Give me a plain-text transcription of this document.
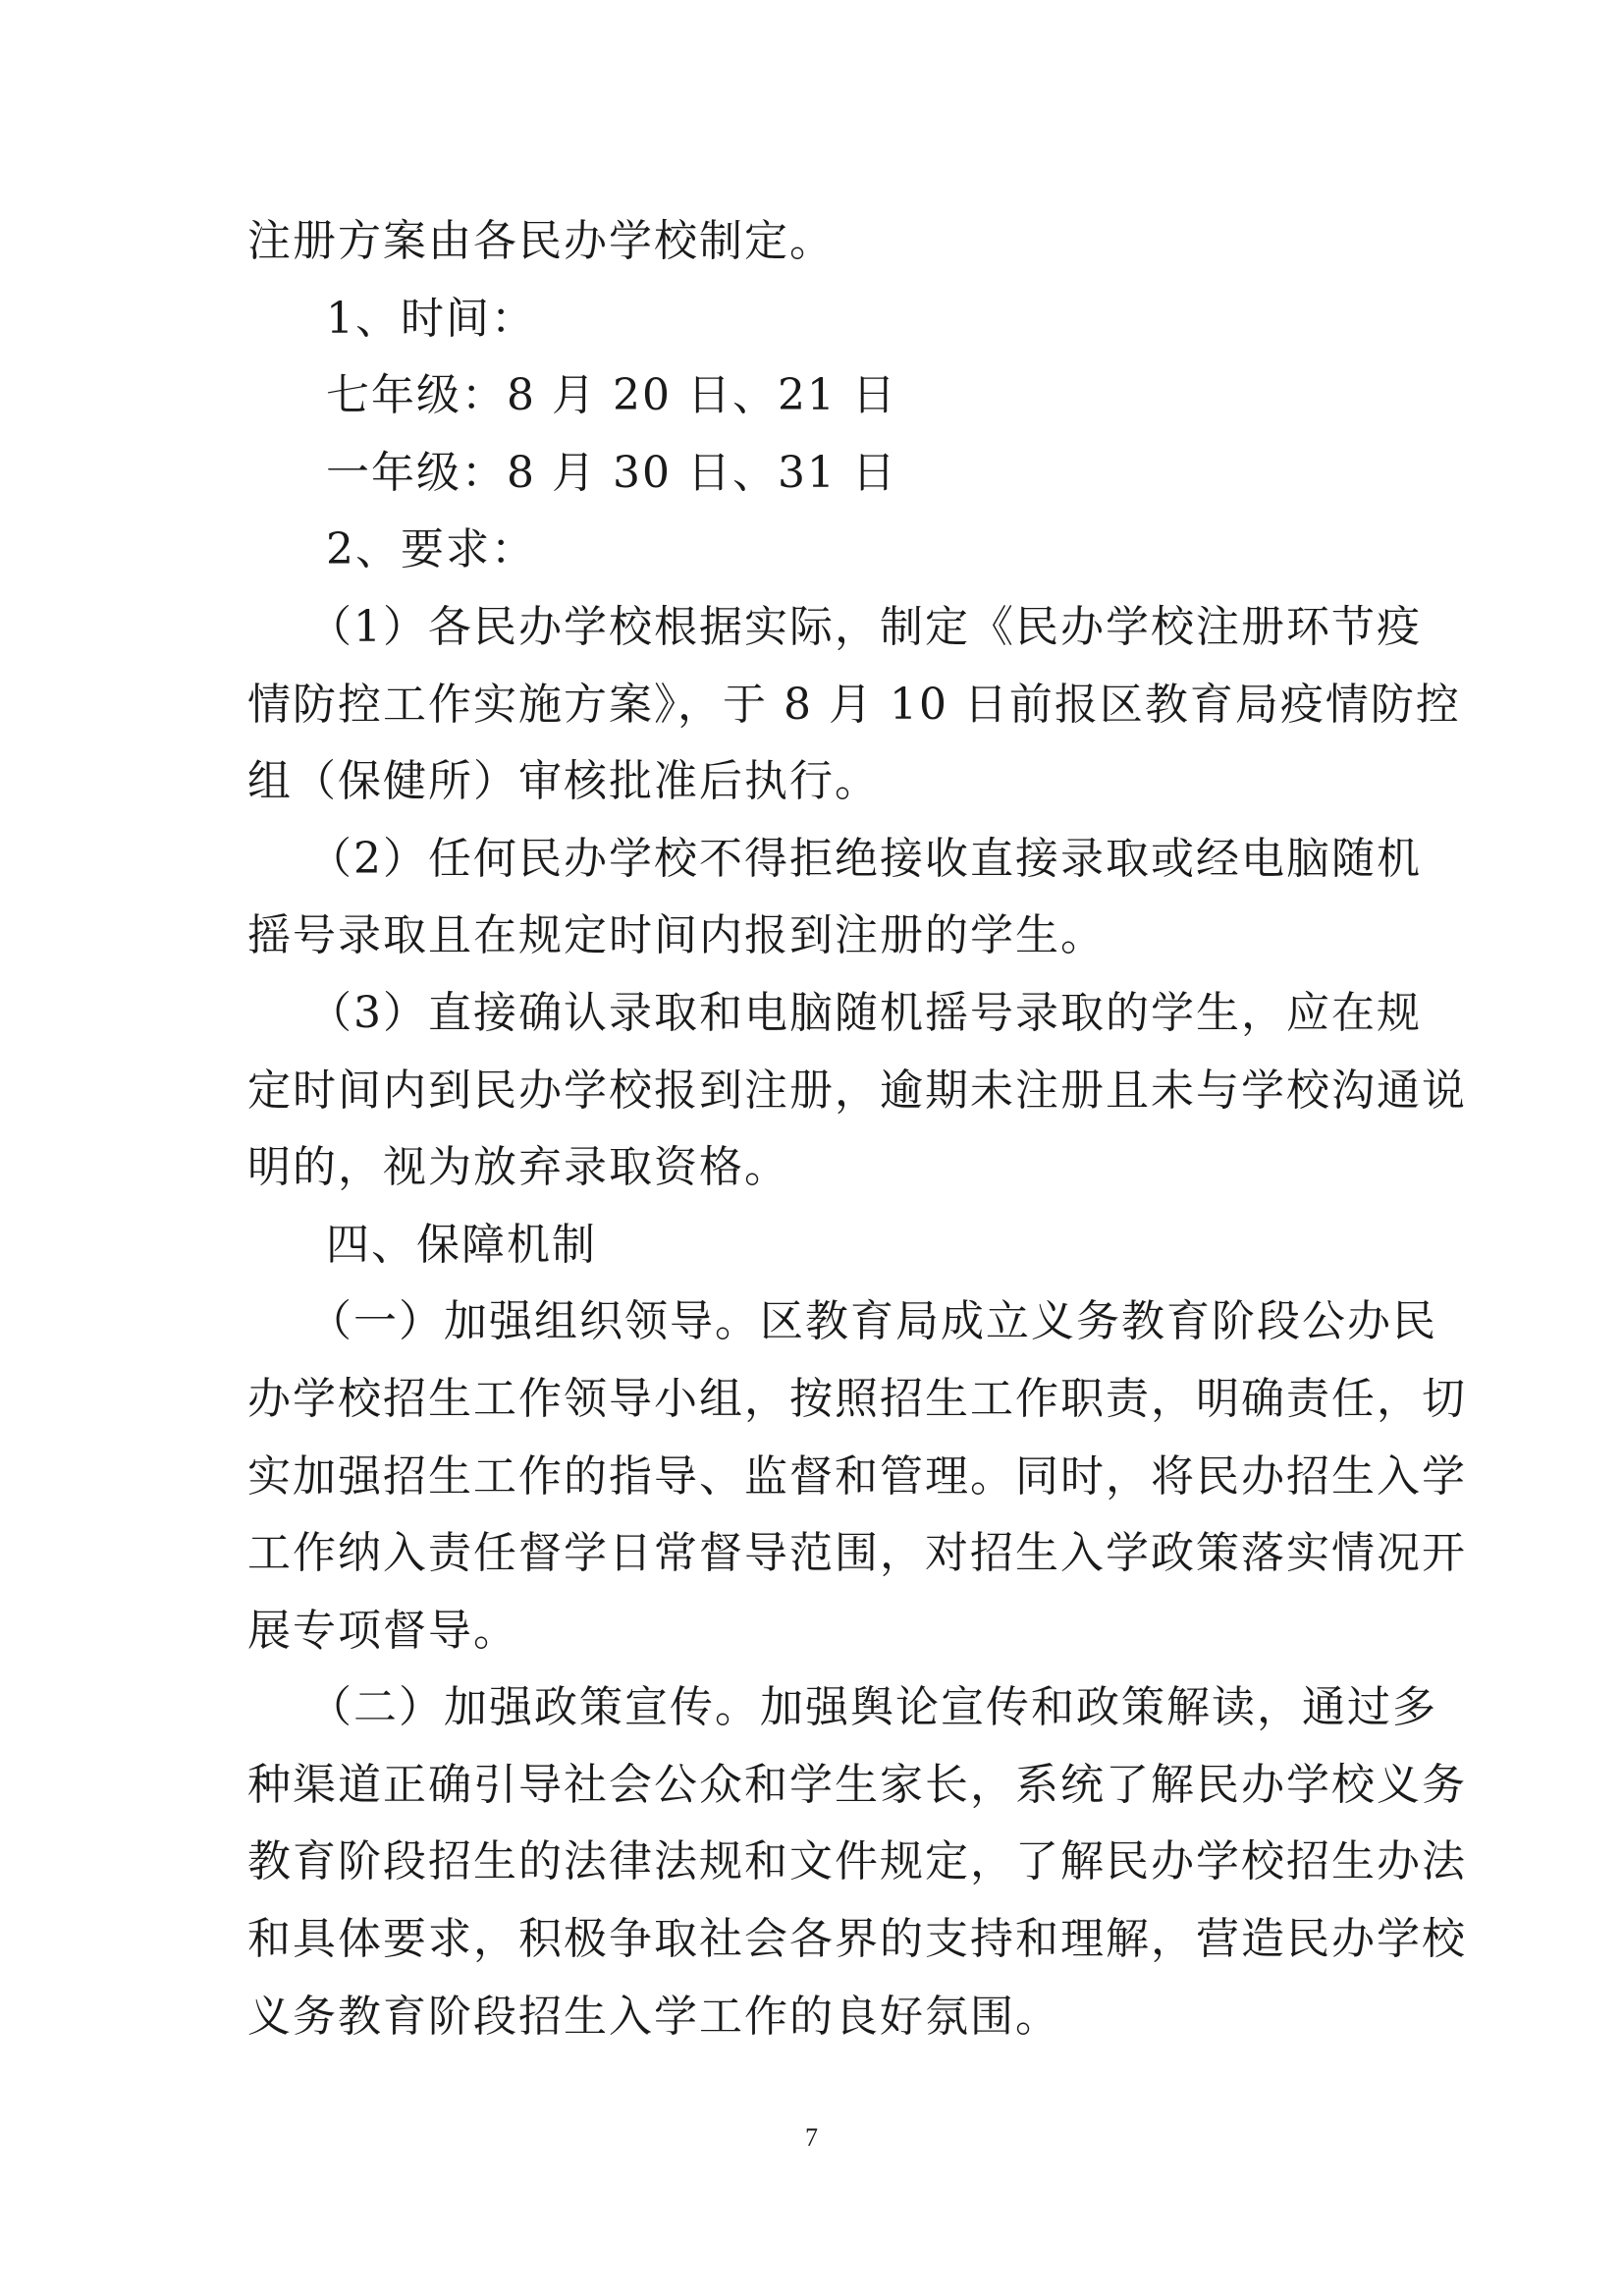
注册方案由各民办学校制定。
1、时间：
七年级：8 月 20 日、21 日
一年级：8 月 30 日、31 日
2、要求：
（1）各民办学校根据实际，制定《民办学校注册环节疫
情防控工作实施方案》，于 8 月 10 日前报区教育局疫情防控
组（保健所）审核批准后执行。
（2）任何民办学校不得拒绝接收直接录取或经电脑随机
摇号录取且在规定时间内报到注册的学生。
（3）直接确认录取和电脑随机摇号录取的学生，应在规
定时间内到民办学校报到注册，逾期未注册且未与学校沟通说
明的，视为放弃录取资格。
四、保障机制
（一）加强组织领导。区教育局成立义务教育阶段公办民
办学校招生工作领导小组，按照招生工作职责，明确责任，切
实加强招生工作的指导、监督和管理。同时，将民办招生入学
工作纳入责任督学日常督导范围，对招生入学政策落实情况开
展专项督导。
（二）加强政策宣传。加强舆论宣传和政策解读，通过多
种渠道正确引导社会公众和学生家长，系统了解民办学校义务
教育阶段招生的法律法规和文件规定，了解民办学校招生办法
和具体要求，积极争取社会各界的支持和理解，营造民办学校
义务教育阶段招生入学工作的良好氛围。
7
